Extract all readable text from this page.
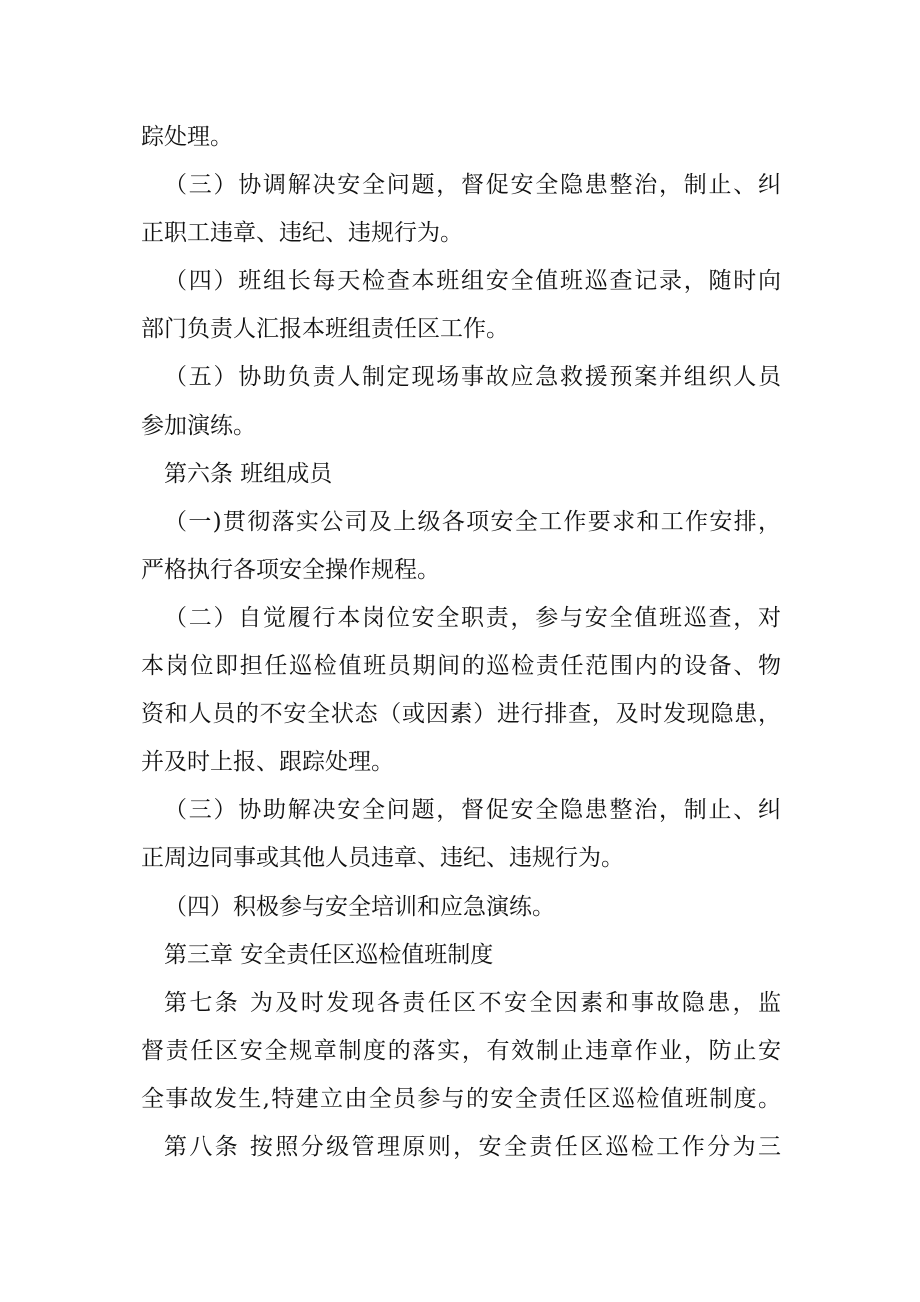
踪处理。
（三）协调解决安全问题，督促安全隐患整治，制止、纠
正职工违章、违纪、违规行为。
（四）班组长每天检查本班组安全值班巡查记录，随时向
部门负责人汇报本班组责任区工作。
（五）协助负责人制定现场事故应急救援预案并组织人员
参加演练。
第六条 班组成员
（一)贯彻落实公司及上级各项安全工作要求和工作安排，
严格执行各项安全操作规程。
（二）自觉履行本岗位安全职责，参与安全值班巡查，对
本岗位即担任巡检值班员期间的巡检责任范围内的设备、物
资和人员的不安全状态（或因素）进行排查，及时发现隐患，
并及时上报、跟踪处理。
（三）协助解决安全问题，督促安全隐患整治，制止、纠
正周边同事或其他人员违章、违纪、违规行为。
（四）积极参与安全培训和应急演练。
第三章 安全责任区巡检值班制度
第七条 为及时发现各责任区不安全因素和事故隐患，监
督责任区安全规章制度的落实，有效制止违章作业，防止安
全事故发生,特建立由全员参与的安全责任区巡检值班制度。
第八条 按照分级管理原则，安全责任区巡检工作分为三
